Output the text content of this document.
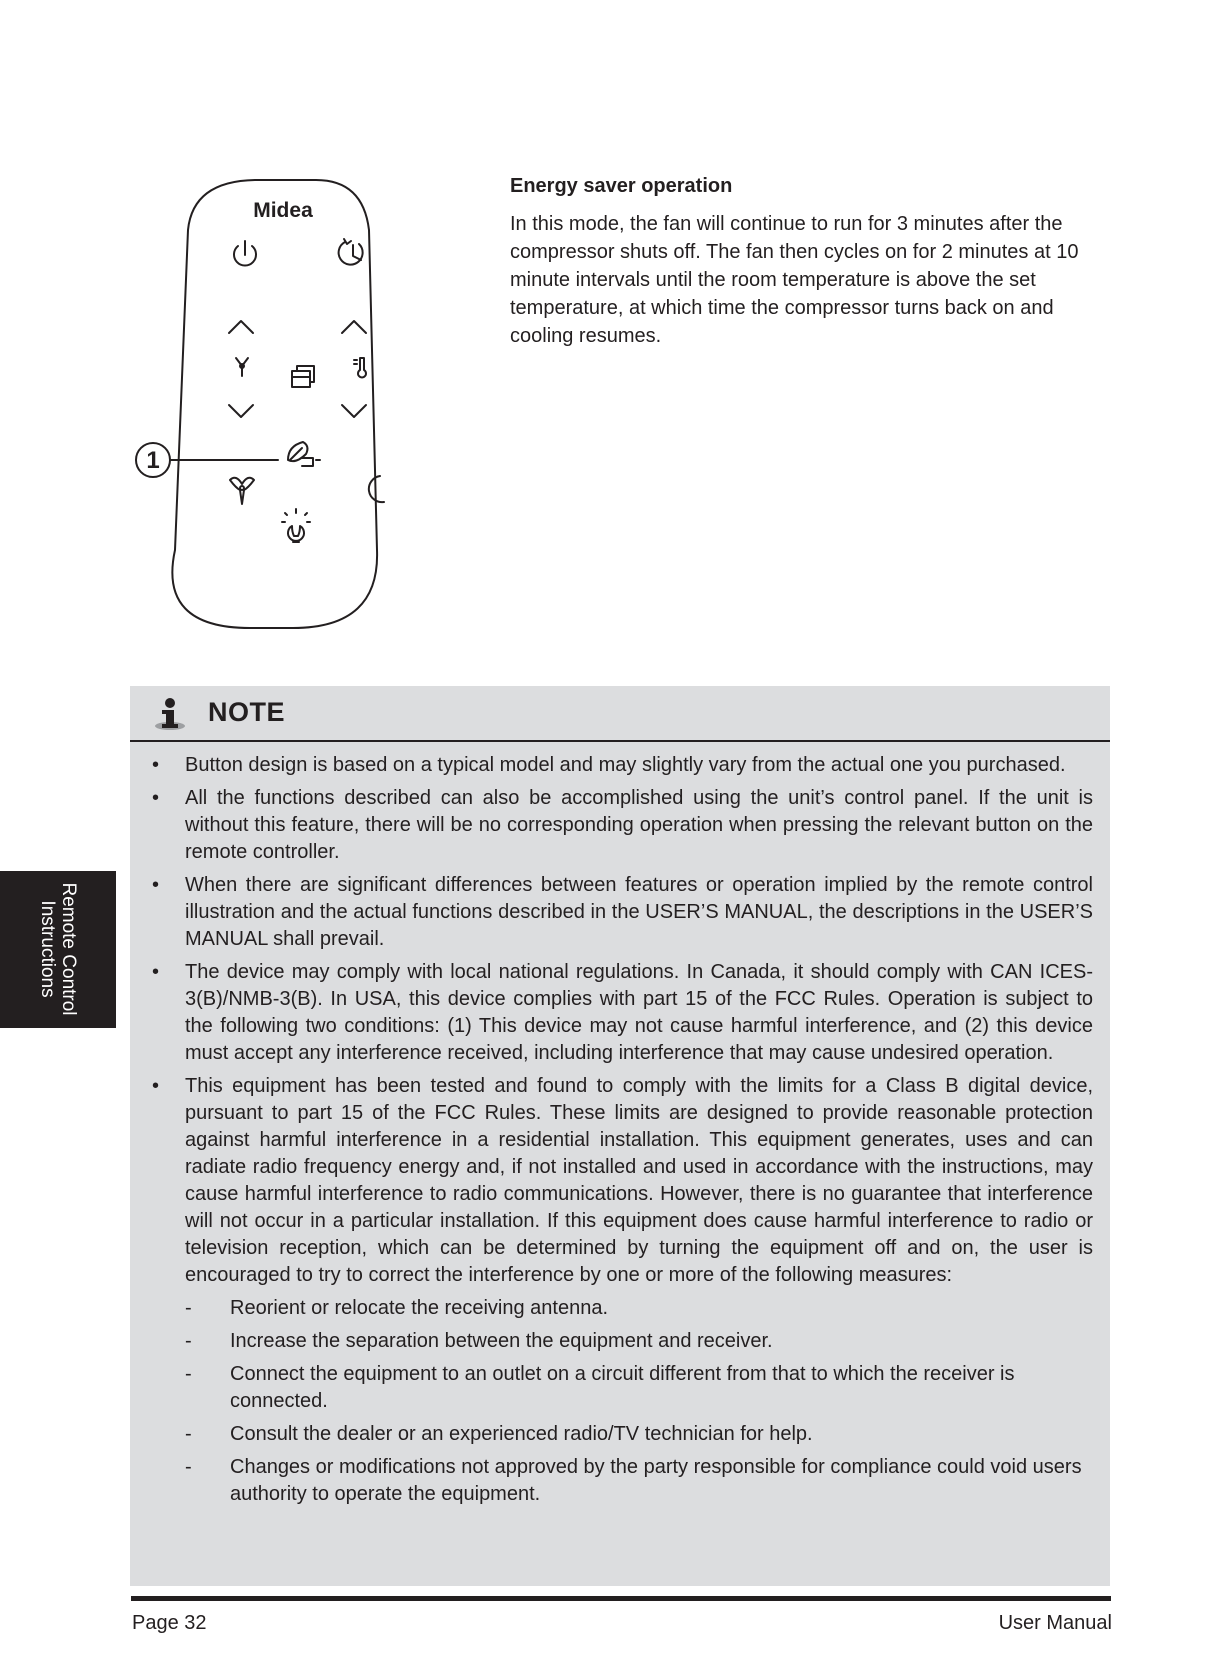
Midea
1
Energy saver operation

In this mode, the fan will continue to run for 3 minutes after the compressor shuts off. The fan then cycles on for 2 minutes at 10 minute intervals until the room temperature is above the set temperature, at which time the compressor turns back on and cooling resumes.

NOTE
• Button design is based on a typical model and may slightly vary from the actual one you purchased.
• All the functions described can also be accomplished using the unit’s control panel. If the unit is without this feature, there will be no corresponding operation when pressing the relevant button on the remote controller.
• When there are significant differences between features or operation implied by the remote control illustration and the actual functions described in the USER’S MANUAL, the descriptions in the USER’S MANUAL shall prevail.
• The device may comply with local national regulations. In Canada, it should comply with CAN ICES-3(B)/NMB-3(B). In USA, this device complies with part 15 of the FCC Rules. Operation is subject to the following two conditions: (1) This device may not cause harmful interference, and (2) this device must accept any interference received, including interference that may cause undesired operation.
• This equipment has been tested and found to comply with the limits for a Class B digital device, pursuant to part 15 of the FCC Rules. These limits are designed to provide reasonable protection against harmful interference in a residential installation. This equipment generates, uses and can radiate radio frequency energy and, if not installed and used in accordance with the instructions, may cause harmful interference to radio communications. However, there is no guarantee that interference will not occur in a particular installation. If this equipment does cause harmful interference to radio or television reception, which can be determined by turning the equipment off and on, the user is encouraged to try to correct the interference by one or more of the following measures:
- Reorient or relocate the receiving antenna.
- Increase the separation between the equipment and receiver.
- Connect the equipment to an outlet on a circuit different from that to which the receiver is connected.
- Consult the dealer or an experienced radio/TV technician for help.
- Changes or modifications not approved by the party responsible for compliance could void users authority to operate the equipment.
Remote Control
Instructions
Page 32	User Manual
